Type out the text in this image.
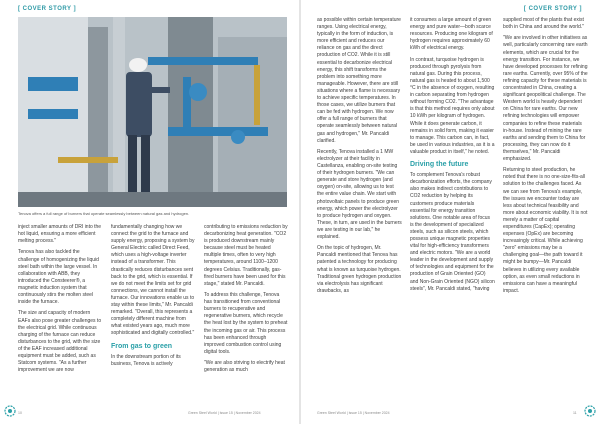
[ COVER STORY ]
Tenova offers a full range of burners that operate seamlessly between natural gas and hydrogen.

inject smaller amounts of DRI into the hot liquid, ensuring a more efficient melting process."

Tenova has also tackled the challenge of homogenizing the liquid steel bath within the large vessel. In collaboration with ABB, they introduced the Consteerer®, a magnetic induction system that continuously stirs the molten steel inside the furnace.

The size and capacity of modern EAFs also pose greater challenges to the electrical grid. While continuous charging of the furnace can reduce disturbances to the grid, with the size of the EAF increased additional equipment must be added, such as Statcom systems. "As a further improvement we are now

fundamentally changing how we connect the grid to the furnace and supply energy, proposing a system by General Electric called Direct Feed, which uses a high-voltage inverter instead of a transformer. This drastically reduces disturbances sent back to the grid, which is essential. If we do not meet the limits set for grid connections, we cannot install the furnace. Our innovations enable us to stay within these limits," Mr. Pancaldi remarked. "Overall, this represents a completely different machine from what existed years ago, much more sophisticated and digitally controlled."

From gas to green

In the downstream portion of its business, Tenova is actively

contributing to emissions reduction by decarbonizing heat generation. "CO2 is produced downstream mainly because steel must be heated multiple times, often to very high temperatures, around 1100–1200 degrees Celsius. Traditionally, gas-fired burners have been used for this stage," stated Mr. Pancaldi.

To address this challenge, Tenova has transitioned from conventional burners to recuperative and regenerative burners, which recycle the heat lost by the system to preheat the incoming gas or air. This process has been enhanced through improved combustion control using digital tools.

"We are also striving to electrify heat generation as much

10	Green Steel World | Issue 15 | November 2024
[ COVER STORY ]

as possible within certain temperature ranges. Using electrical energy, typically in the form of induction, is more efficient and reduces our reliance on gas and the direct production of CO2. While it is still essential to decarbonize electrical energy, this shift transforms the problem into something more manageable. However, there are still situations where a flame is necessary to achieve specific temperatures. In those cases, we utilize burners that can be fed with hydrogen. We now offer a full range of burners that operate seamlessly between natural gas and hydrogen," Mr. Pancaldi clarified.

Recently, Tenova installed a 1 MW electrolyzer at their facility in Castellanza, enabling on-site testing of their hydrogen burners. "We can generate and store hydrogen (and oxygen) on-site, allowing us to test the entire value chain. We start with photovoltaic panels to produce green energy, which power the electrolyzer to produce hydrogen and oxygen. These, in turn, are used in the burners we are testing in our lab," he explained.

On the topic of hydrogen, Mr. Pancaldi mentioned that Tenova has patented a technology for producing what is known as turquoise hydrogen. Traditional green hydrogen production via electrolysis has significant drawbacks, as

it consumes a large amount of green energy and pure water—both scarce resources. Producing one kilogram of hydrogen requires approximately 60 kWh of electrical energy.

In contrast, turquoise hydrogen is produced through pyrolysis from natural gas. During this process, natural gas is heated to about 1,500 °C in the absence of oxygen, resulting in carbon separating from hydrogen without forming CO2. "The advantage is that this method requires only about 10 kWh per kilogram of hydrogen. While it does generate carbon, it remains in solid form, making it easier to manage. This carbon can, in fact, be used in various industries, as it is a valuable product in itself," he noted.

Driving the future

To complement Tenova's robust decarbonization efforts, the company also makes indirect contributions to CO2 reduction by helping its customers produce materials essential for energy transition solutions. One notable area of focus is the development of specialized steels, such as silicon steels, which possess unique magnetic properties vital for high-efficiency transformers and electric motors. "We are a world leader in the development and supply of technologies and equipment for the production of Grain Oriented (GO) and Non-Grain Oriented (NGO) silicon steels", Mr. Pancaldi stated, "having

supplied most of the plants that exist both in China and around the world."

"We are involved in other initiatives as well, particularly concerning rare earth elements, which are crucial for the energy transition. For instance, we have developed processes for refining rare earths. Currently, over 95% of the refining capacity for these materials is concentrated in China, creating a significant geopolitical challenge. The Western world is heavily dependent on China for rare earths. Our new refining technologies will empower companies to refine these materials in-house. Instead of mining the rare earths and sending them to China for processing, they can now do it themselves," Mr. Pancaldi emphasized.

Returning to steel production, he noted that there is no one-size-fits-all solution to the challenges faced. As we can see from Tenova's example, the issues we encounter today are less about technical feasibility and more about economic viability. It is not merely a matter of capital expenditures (CapEx); operating expenses (OpEx) are becoming increasingly critical. While achieving "zero" emissions may be a challenging goal—the path toward it might be bumpy—Mr. Pancaldi believes in utilizing every available option, as even small reductions in emissions can have a meaningful impact.

Green Steel World | Issue 15 | November 2024	11
